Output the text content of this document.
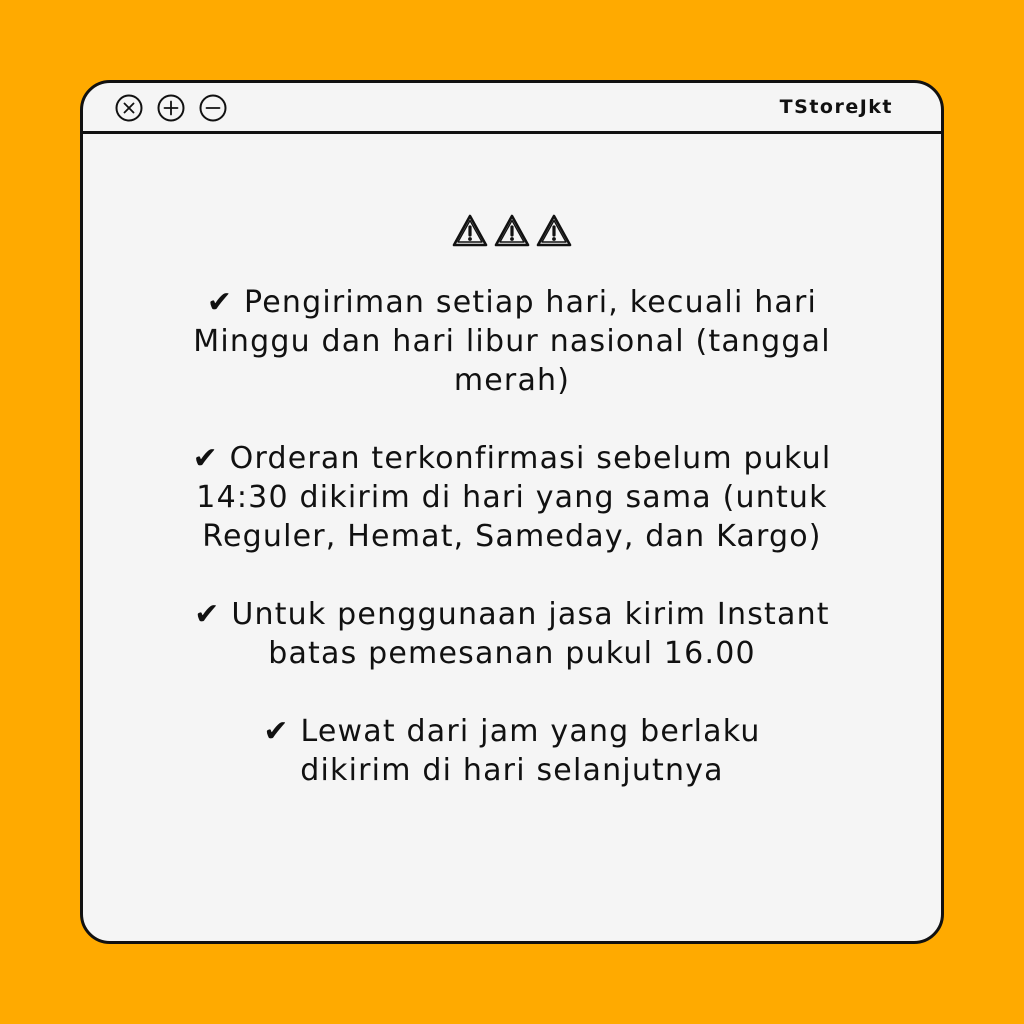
TStoreJkt

✔ Pengiriman setiap hari, kecuali hari Minggu dan hari libur nasional (tanggal merah)

✔ Orderan terkonfirmasi sebelum pukul 14:30 dikirim di hari yang sama (untuk Reguler, Hemat, Sameday, dan Kargo)

✔ Untuk penggunaan jasa kirim Instant batas pemesanan pukul 16.00

✔ Lewat dari jam yang berlaku dikirim di hari selanjutnya
